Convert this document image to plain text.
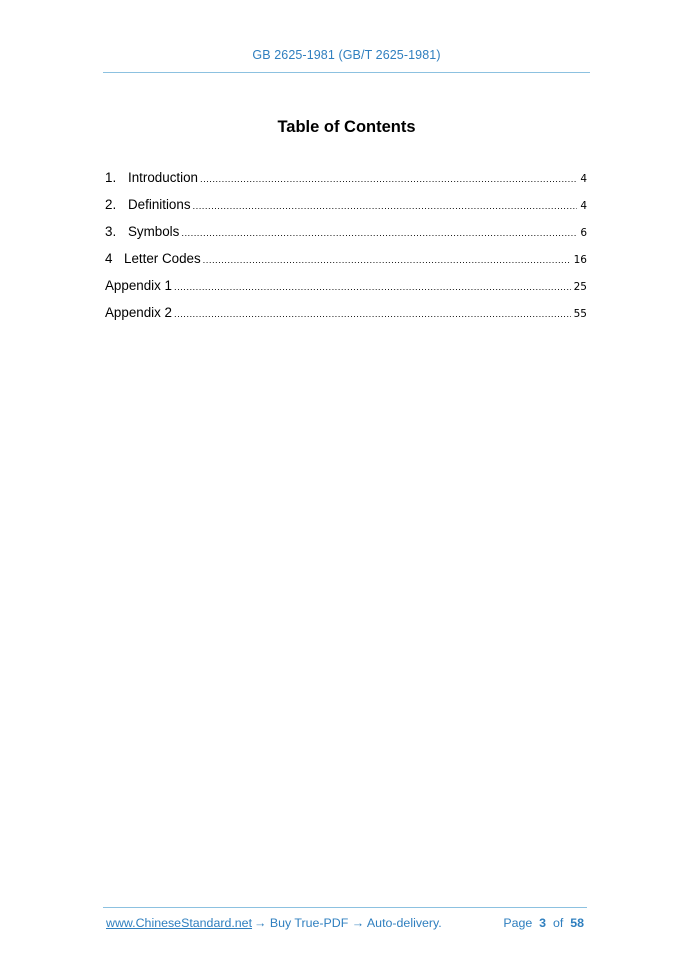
GB 2625-1981 (GB/T 2625-1981)
Table of Contents
1. Introduction .....	4
2. Definitions .....	4
3. Symbols .....	6
4 Letter Codes .....	16
Appendix 1 .....	25
Appendix 2 .....	55
www.ChineseStandard.net → Buy True-PDF → Auto-delivery.	Page 3 of 58
